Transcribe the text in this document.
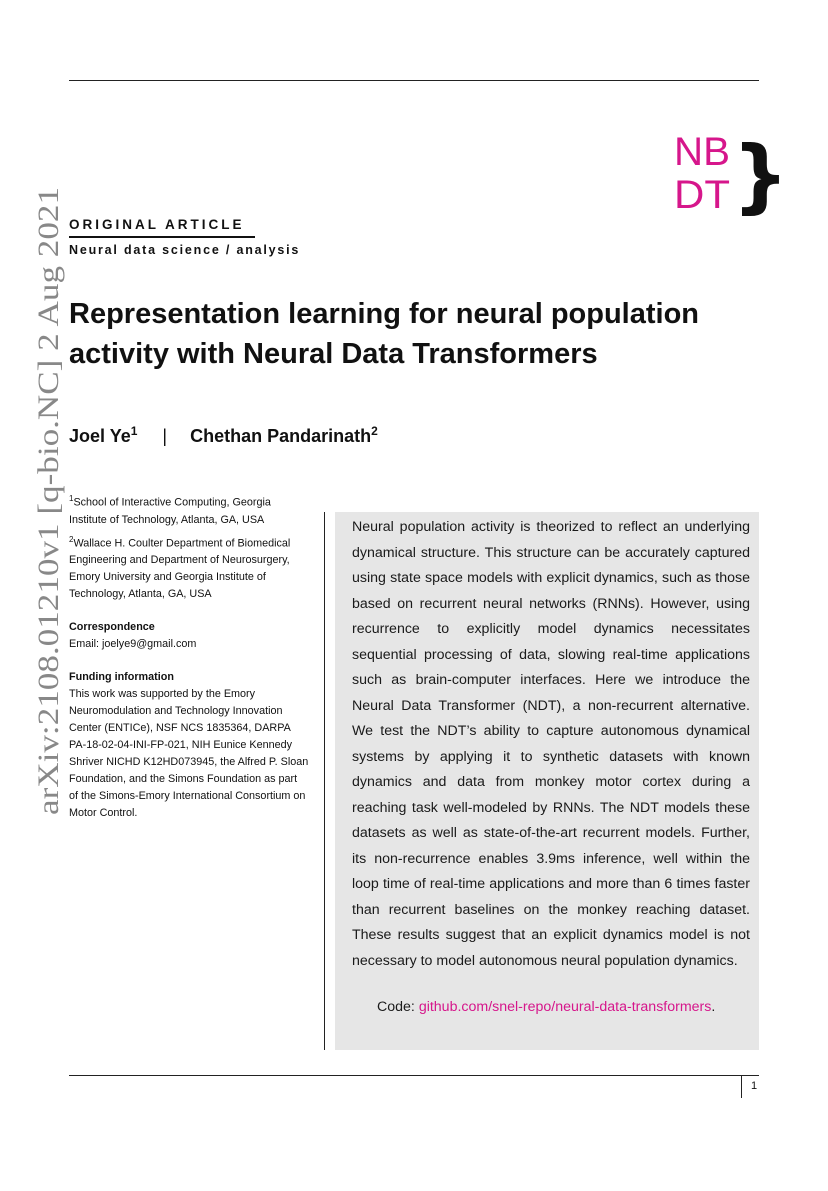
arXiv:2108.01210v1 [q-bio.NC] 2 Aug 2021
NB
DT }
ORIGINAL ARTICLE
Neural data science / analysis
Representation learning for neural population activity with Neural Data Transformers
Joel Ye$^1$ | Chethan Pandarinath$^2$
$^1$School of Interactive Computing, Georgia Institute of Technology, Atlanta, GA, USA
$^2$Wallace H. Coulter Department of Biomedical Engineering and Department of Neurosurgery, Emory University and Georgia Institute of Technology, Atlanta, GA, USA
Correspondence
Email: joelye9@gmail.com
Funding information
This work was supported by the Emory Neuromodulation and Technology Innovation Center (ENTICe), NSF NCS 1835364, DARPA PA-18-02-04-INI-FP-021, NIH Eunice Kennedy Shriver NICHD K12HD073945, the Alfred P. Sloan Foundation, and the Simons Foundation as part of the Simons-Emory International Consortium on Motor Control.
Neural population activity is theorized to reflect an underlying dynamical structure. This structure can be accurately captured using state space models with explicit dynamics, such as those based on recurrent neural networks (RNNs). However, using recurrence to explicitly model dynamics necessitates sequential processing of data, slowing real-time applications such as brain-computer interfaces. Here we introduce the Neural Data Transformer (NDT), a non-recurrent alternative. We test the NDT’s ability to capture autonomous dynamical systems by applying it to synthetic datasets with known dynamics and data from monkey motor cortex during a reaching task well-modeled by RNNs. The NDT models these datasets as well as state-of-the-art recurrent models. Further, its non-recurrence enables 3.9ms inference, well within the loop time of real-time applications and more than 6 times faster than recurrent baselines on the monkey reaching dataset. These results suggest that an explicit dynamics model is not necessary to model autonomous neural population dynamics.
Code: github.com/snel-repo/neural-data-transformers.
1
